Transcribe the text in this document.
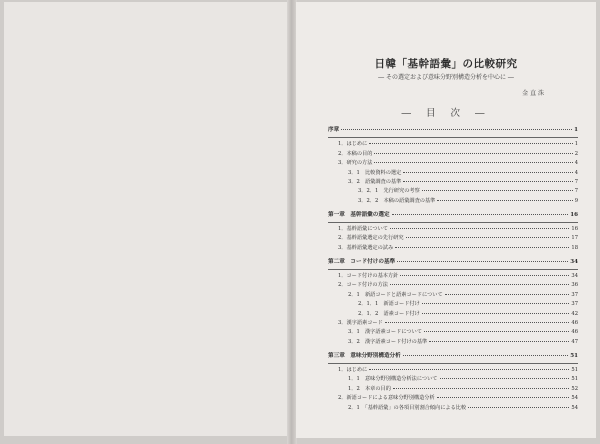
日韓「基幹語彙」の比較研究
― その選定および意味分野別構造分析を中心に ―
金 直 洙
― 目 次 ―
序章	1
1．はじめに	1
2．本稿の目的	2
3．研究の方法	4
3．1　比較資料の選定	4
3．2　語彙調査の基準	7
3．2．1　先行研究の考察	7
3．2．2　本稿の語彙調査の基準	9
第一章　基幹語彙の選定	16
1．基幹語彙について	16
2．基幹語彙選定の先行研究	17
3．基幹語彙選定の試み	18
第二章　コード付けの基準	34
1．コード付けの基本方針	34
2．コード付けの方法	36
2．1　新語コードと語素コードについて	37
2．1．1　新語コード付け	37
2．1．2　語素コード付け	42
3．漢字語素コード	46
3．1　漢字語素コードについて	46
3．2　漢字語素コード付けの基準	47
第三章　意味分野別構造分析	51
1．はじめに	51
1．1　意味分野別構造分析法について	51
1．2　本章の目的	52
2．新語コードによる意味分野別構造分析	54
2．1　「基幹語彙」の各項目別割合傾向による比較	54
